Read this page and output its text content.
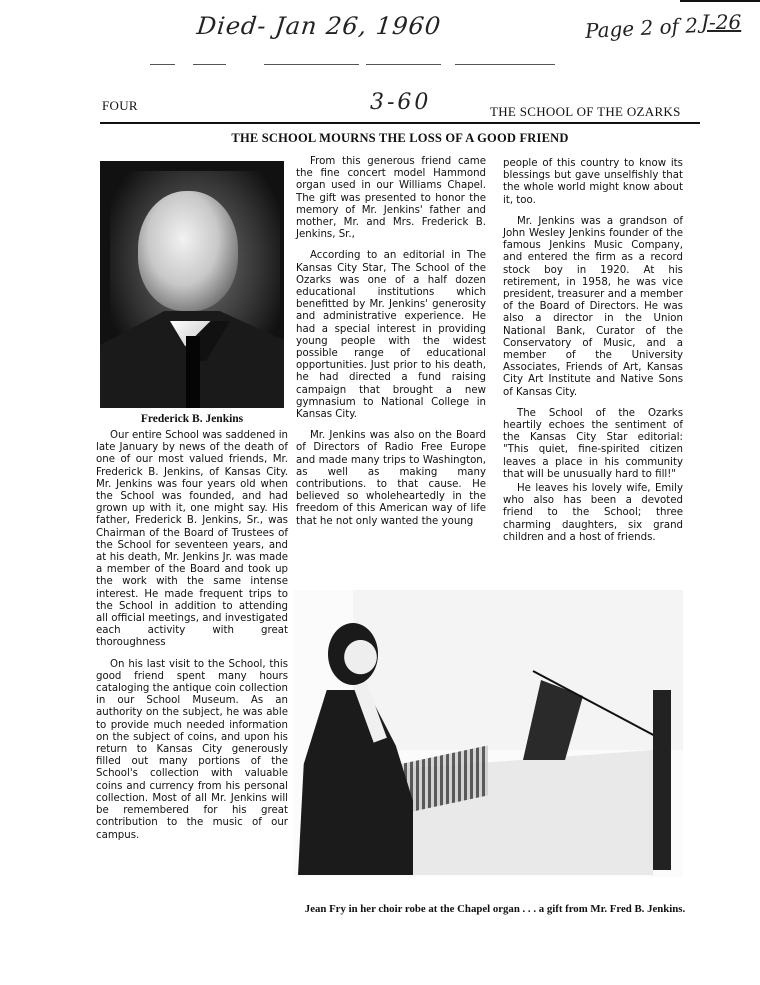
Died- Jan 26, 1960	Page 2 of 2 J-26
FOUR	3-60	THE SCHOOL OF THE OZARKS
THE SCHOOL MOURNS THE LOSS OF A GOOD FRIEND
Frederick B. Jenkins

Our entire School was saddened in late January by news of the death of one of our most valued friends, Mr. Frederick B. Jenkins, of Kansas City. Mr. Jenkins was four years old when the School was founded, and had grown up with it, one might say. His father, Frederick B. Jenkins, Sr., was Chairman of the Board of Trustees of the School for seventeen years, and at his death, Mr. Jenkins Jr. was made a member of the Board and took up the work with the same intense interest. He made frequent trips to the School in addition to attending all official meetings, and investigated each activity with great thoroughness

On his last visit to the School, this good friend spent many hours cataloging the antique coin collection in our School Museum. As an authority on the subject, he was able to provide much needed information on the subject of coins, and upon his return to Kansas City generously filled out many portions of the School's collection with valuable coins and currency from his personal collection. Most of all Mr. Jenkins will be remembered for his great contribution to the music of our campus.

From this generous friend came the fine concert model Hammond organ used in our Williams Chapel. The gift was presented to honor the memory of Mr. Jenkins' father and mother, Mr. and Mrs. Frederick B. Jenkins, Sr.,

According to an editorial in The Kansas City Star, The School of the Ozarks was one of a half dozen educational institutions which benefitted by Mr. Jenkins' generosity and administrative experience. He had a special interest in providing young people with the widest possible range of educational opportunities. Just prior to his death, he had directed a fund raising campaign that brought a new gymnasium to National College in Kansas City.

Mr. Jenkins was also on the Board of Directors of Radio Free Europe and made many trips to Washington, as well as making many contributions. to that cause. He believed so wholeheartedly in the freedom of this American way of life that he not only wanted the young

people of this country to know its blessings but gave unselfishly that the whole world might know about it, too.

Mr. Jenkins was a grandson of John Wesley Jenkins founder of the famous Jenkins Music Company, and entered the firm as a record stock boy in 1920. At his retirement, in 1958, he was vice president, treasurer and a member of the Board of Directors. He was also a director in the Union National Bank, Curator of the Conservatory of Music, and a member of the University Associates, Friends of Art, Kansas City Art Institute and Native Sons of Kansas City.

The School of the Ozarks heartily echoes the sentiment of the Kansas City Star editorial: "This quiet, fine-spirited citizen leaves a place in his community that will be unusually hard to fill!"

He leaves his lovely wife, Emily who also has been a devoted friend to the School; three charming daughters, six grand children and a host of friends.

Jean Fry in her choir robe at the Chapel organ . . . a gift from Mr. Fred B. Jenkins.
